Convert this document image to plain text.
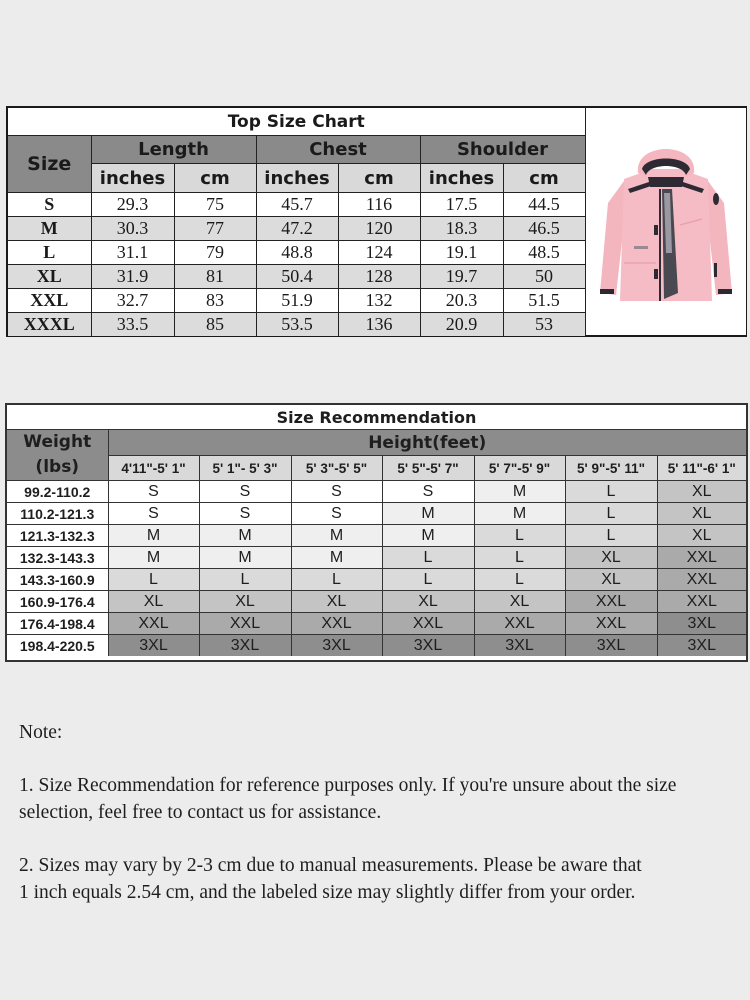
Top Size Chart						
Size	Length		Chest		Shoulder	
	inches	cm	inches	cm	inches	cm
S	29.3	75	45.7	116	17.5	44.5
M	30.3	77	47.2	120	18.3	46.5
L	31.1	79	48.8	124	19.1	48.5
XL	31.9	81	50.4	128	19.7	50
XXL	32.7	83	51.9	132	20.3	51.5
XXXL	33.5	85	53.5	136	20.9	53
Size Recommendation							

Weight
(lbs)	Height(feet)						
	4'11"-5' 1"	5' 1"- 5' 3"	5' 3"-5' 5"	5' 5"-5' 7"	5' 7"-5' 9"	5' 9"-5' 11"	5' 11"-6' 1"
99.2-110.2	S	S	S	S	M	L	XL
110.2-121.3	S	S	S	M	M	L	XL
121.3-132.3	M	M	M	M	L	L	XL
132.3-143.3	M	M	M	L	L	XL	XXL
143.3-160.9	L	L	L	L	L	XL	XXL
160.9-176.4	XL	XL	XL	XL	XL	XXL	XXL
176.4-198.4	XXL	XXL	XXL	XXL	XXL	XXL	3XL
198.4-220.5	3XL	3XL	3XL	3XL	3XL	3XL	3XL

Note:

1. Size Recommendation for reference purposes only. If you're unsure about the size

selection, feel free to contact us for assistance.

2. Sizes may vary by 2-3 cm due to manual measurements. Please be aware that

1 inch equals 2.54 cm, and the labeled size may slightly differ from your order.
